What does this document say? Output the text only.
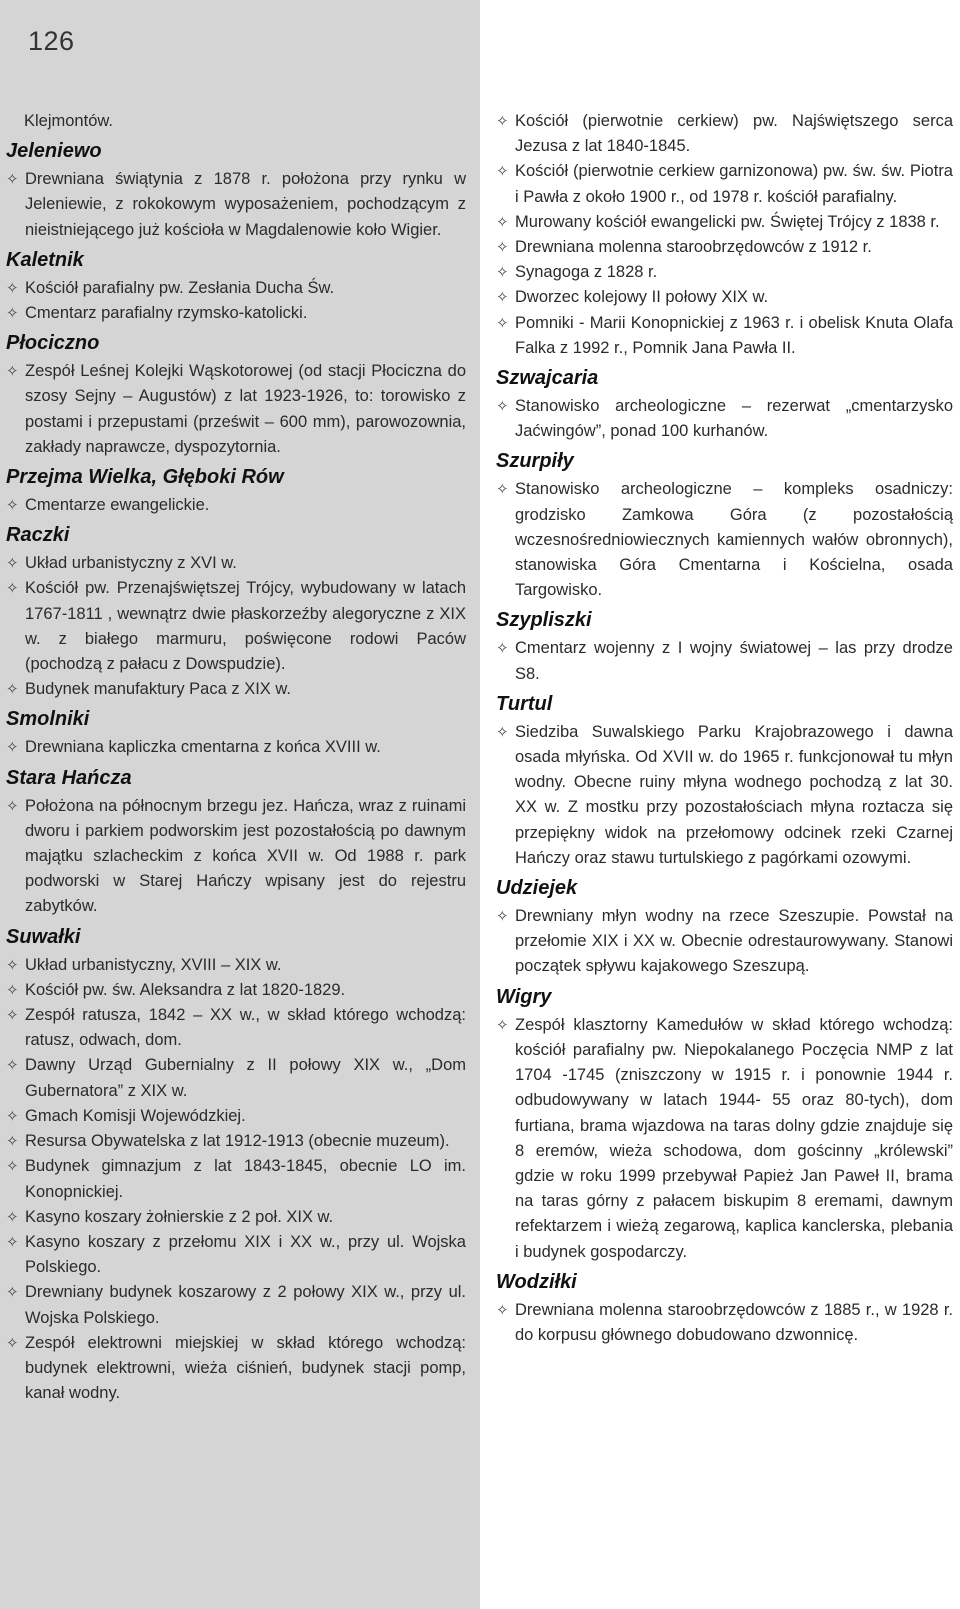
126
Klejmontów.
Jeleniewo
✧ Drewniana świątynia z 1878 r. położona przy rynku w Jeleniewie, z rokokowym wyposażeniem, pochodzącym z nieistniejącego już kościoła w Magdalenowie koło Wigier.
Kaletnik
✧ Kościół parafialny pw. Zesłania Ducha Św.
✧ Cmentarz parafialny rzymsko-katolicki.
Płociczno
✧ Zespół Leśnej Kolejki Wąskotorowej (od stacji Płociczna do szosy Sejny – Augustów) z lat 1923-1926, to: torowisko z postami i przepustami (prześwit – 600 mm), parowozownia, zakłady naprawcze, dyspozytornia.
Przejma Wielka, Głęboki Rów
✧ Cmentarze ewangelickie.
Raczki
✧ Układ urbanistyczny z XVI w.
✧ Kościół pw. Przenajświętszej Trójcy, wybudowany w latach 1767-1811 , wewnątrz dwie płaskorzeźby alegoryczne z XIX w. z białego marmuru, poświęcone rodowi Paców (pochodzą z pałacu z Dowspudzie).
✧ Budynek manufaktury Paca z XIX w.
Smolniki
✧ Drewniana kapliczka cmentarna z końca XVIII w.
Stara Hańcza
✧ Położona na północnym brzegu jez. Hańcza, wraz z ruinami dworu i parkiem podworskim jest pozostałością po dawnym majątku szlacheckim z końca XVII w. Od 1988 r. park podworski w Starej Hańczy wpisany jest do rejestru zabytków.
Suwałki
✧ Układ urbanistyczny, XVIII – XIX w.
✧ Kościół pw. św. Aleksandra z lat 1820-1829.
✧ Zespół ratusza, 1842 – XX w., w skład którego wchodzą: ratusz, odwach, dom.
✧ Dawny Urząd Gubernialny z II połowy XIX w., „Dom Gubernatora” z XIX w.
✧ Gmach Komisji Wojewódzkiej.
✧ Resursa Obywatelska z lat 1912-1913 (obecnie muzeum).
✧ Budynek gimnazjum z lat 1843-1845, obecnie LO im. Konopnickiej.
✧ Kasyno koszary żołnierskie z 2 poł. XIX w.
✧ Kasyno koszary z przełomu XIX i XX w., przy ul. Wojska Polskiego.
✧ Drewniany budynek koszarowy z 2 połowy XIX w., przy ul. Wojska Polskiego.
✧ Zespół elektrowni miejskiej w skład którego wchodzą: budynek elektrowni, wieża ciśnień, budynek stacji pomp, kanał wodny.
✧ Kościół (pierwotnie cerkiew) pw. Najświętszego serca Jezusa z lat 1840-1845.
✧ Kościół (pierwotnie cerkiew garnizonowa) pw. św. św. Piotra i Pawła z około 1900 r., od 1978 r. kościół parafialny.
✧ Murowany kościół ewangelicki pw. Świętej Trójcy z 1838 r.
✧ Drewniana molenna staroobrzędowców z 1912 r.
✧ Synagoga z 1828 r.
✧ Dworzec kolejowy II połowy XIX w.
✧ Pomniki - Marii Konopnickiej z 1963 r. i obelisk Knuta Olafa Falka z 1992 r., Pomnik Jana Pawła II.
Szwajcaria
✧ Stanowisko archeologiczne – rezerwat „cmentarzysko Jaćwingów”, ponad 100 kurhanów.
Szurpiły
✧ Stanowisko archeologiczne – kompleks osadniczy: grodzisko Zamkowa Góra (z pozostałością wczesnośredniowiecznych kamiennych wałów obronnych), stanowiska Góra Cmentarna i Kościelna, osada Targowisko.
Szypliszki
✧ Cmentarz wojenny z I wojny światowej – las przy drodze S8.
Turtul
✧ Siedziba Suwalskiego Parku Krajobrazowego i dawna osada młyńska. Od XVII w. do 1965 r. funkcjonował tu młyn wodny. Obecne ruiny młyna wodnego pochodzą z lat 30. XX w. Z mostku przy pozostałościach młyna roztacza się przepiękny widok na przełomowy odcinek rzeki Czarnej Hańczy oraz stawu turtulskiego z pagórkami ozowymi.
Udziejek
✧ Drewniany młyn wodny na rzece Szeszupie. Powstał na przełomie XIX i XX w. Obecnie odrestaurowywany. Stanowi początek spływu kajakowego Szeszupą.
Wigry
✧ Zespół klasztorny Kamedułów w skład którego wchodzą: kościół parafialny pw. Niepokalanego Poczęcia NMP z lat 1704 -1745 (zniszczony w 1915 r. i ponownie 1944 r. odbudowywany w latach 1944- 55 oraz 80-tych), dom furtiana, brama wjazdowa na taras dolny gdzie znajduje się 8 eremów, wieża schodowa, dom gościnny „królewski” gdzie w roku 1999 przebywał Papież Jan Paweł II, brama na taras górny z pałacem biskupim 8 eremami, dawnym refektarzem i wieżą zegarową, kaplica kanclerska, plebania i budynek gospodarczy.
Wodziłki
✧ Drewniana molenna staroobrzędowców z 1885 r., w 1928 r. do korpusu głównego dobudowano dzwonnicę.
